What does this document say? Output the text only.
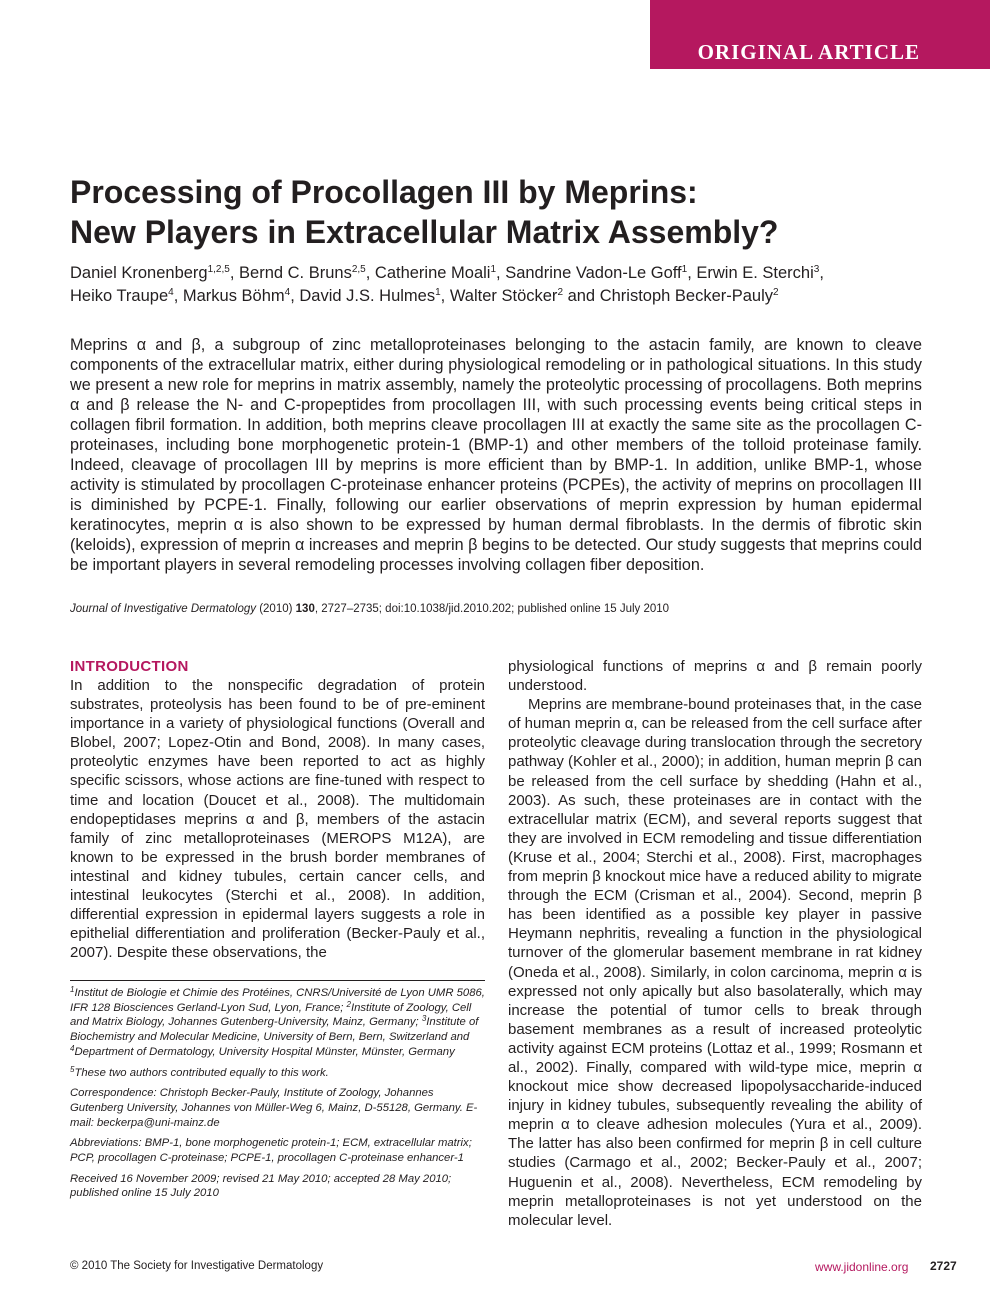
ORIGINAL ARTICLE
Processing of Procollagen III by Meprins:
New Players in Extracellular Matrix Assembly?
Daniel Kronenberg$^{1,2,5}$, Bernd C. Bruns$^{2,5}$, Catherine Moali$^1$, Sandrine Vadon-Le Goff$^1$, Erwin E. Sterchi$^3$,
Heiko Traupe$^4$, Markus Böhm$^4$, David J.S. Hulmes$^1$, Walter Stöcker$^2$ and Christoph Becker-Pauly$^2$

Meprins α and β, a subgroup of zinc metalloproteinases belonging to the astacin family, are known to cleave components of the extracellular matrix, either during physiological remodeling or in pathological situations. In this study we present a new role for meprins in matrix assembly, namely the proteolytic processing of procollagens. Both meprins α and β release the N- and C-propeptides from procollagen III, with such processing events being critical steps in collagen fibril formation. In addition, both meprins cleave procollagen III at exactly the same site as the procollagen C-proteinases, including bone morphogenetic protein-1 (BMP-1) and other members of the tolloid proteinase family. Indeed, cleavage of procollagen III by meprins is more efficient than by BMP-1. In addition, unlike BMP-1, whose activity is stimulated by procollagen C-proteinase enhancer proteins (PCPEs), the activity of meprins on procollagen III is diminished by PCPE-1. Finally, following our earlier observations of meprin expression by human epidermal keratinocytes, meprin α is also shown to be expressed by human dermal fibroblasts. In the dermis of fibrotic skin (keloids), expression of meprin α increases and meprin β begins to be detected. Our study suggests that meprins could be important players in several remodeling processes involving collagen fiber deposition.

Journal of Investigative Dermatology (2010) 130, 2727–2735; doi:10.1038/jid.2010.202; published online 15 July 2010
INTRODUCTION

In addition to the nonspecific degradation of protein substrates, proteolysis has been found to be of pre-eminent importance in a variety of physiological functions (Overall and Blobel, 2007; Lopez-Otin and Bond, 2008). In many cases, proteolytic enzymes have been reported to act as highly specific scissors, whose actions are fine-tuned with respect to time and location (Doucet et al., 2008). The multidomain endopeptidases meprins α and β, members of the astacin family of zinc metalloproteinases (MEROPS M12A), are known to be expressed in the brush border membranes of intestinal and kidney tubules, certain cancer cells, and intestinal leukocytes (Sterchi et al., 2008). In addition, differential expression in epidermal layers suggests a role in epithelial differentiation and proliferation (Becker-Pauly et al., 2007). Despite these observations, the

$^1$Institut de Biologie et Chimie des Protéines, CNRS/Université de Lyon UMR 5086, IFR 128 Biosciences Gerland-Lyon Sud, Lyon, France; $^2$Institute of Zoology, Cell and Matrix Biology, Johannes Gutenberg-University, Mainz, Germany; $^3$Institute of Biochemistry and Molecular Medicine, University of Bern, Bern, Switzerland and $^4$Department of Dermatology, University Hospital Münster, Münster, Germany

$^5$These two authors contributed equally to this work.

Correspondence: Christoph Becker-Pauly, Institute of Zoology, Johannes Gutenberg University, Johannes von Müller-Weg 6, Mainz, D-55128, Germany. E-mail: beckerpa@uni-mainz.de

Abbreviations: BMP-1, bone morphogenetic protein-1; ECM, extracellular matrix; PCP, procollagen C-proteinase; PCPE-1, procollagen C-proteinase enhancer-1

Received 16 November 2009; revised 21 May 2010; accepted 28 May 2010; published online 15 July 2010

physiological functions of meprins α and β remain poorly understood.

Meprins are membrane-bound proteinases that, in the case of human meprin α, can be released from the cell surface after proteolytic cleavage during translocation through the secretory pathway (Kohler et al., 2000); in addition, human meprin β can be released from the cell surface by shedding (Hahn et al., 2003). As such, these proteinases are in contact with the extracellular matrix (ECM), and several reports suggest that they are involved in ECM remodeling and tissue differentiation (Kruse et al., 2004; Sterchi et al., 2008). First, macrophages from meprin β knockout mice have a reduced ability to migrate through the ECM (Crisman et al., 2004). Second, meprin β has been identified as a possible key player in passive Heymann nephritis, revealing a function in the physiological turnover of the glomerular basement membrane in rat kidney (Oneda et al., 2008). Similarly, in colon carcinoma, meprin α is expressed not only apically but also basolaterally, which may increase the potential of tumor cells to break through basement membranes as a result of increased proteolytic activity against ECM proteins (Lottaz et al., 1999; Rosmann et al., 2002). Finally, compared with wild-type mice, meprin α knockout mice show decreased lipopolysaccharide-induced injury in kidney tubules, subsequently revealing the ability of meprin α to cleave adhesion molecules (Yura et al., 2009). The latter has also been confirmed for meprin β in cell culture studies (Carmago et al., 2002; Becker-Pauly et al., 2007; Huguenin et al., 2008). Nevertheless, ECM remodeling by meprin metalloproteinases is not yet understood on the molecular level.

© 2010 The Society for Investigative Dermatology	www.jidonline.org 2727
